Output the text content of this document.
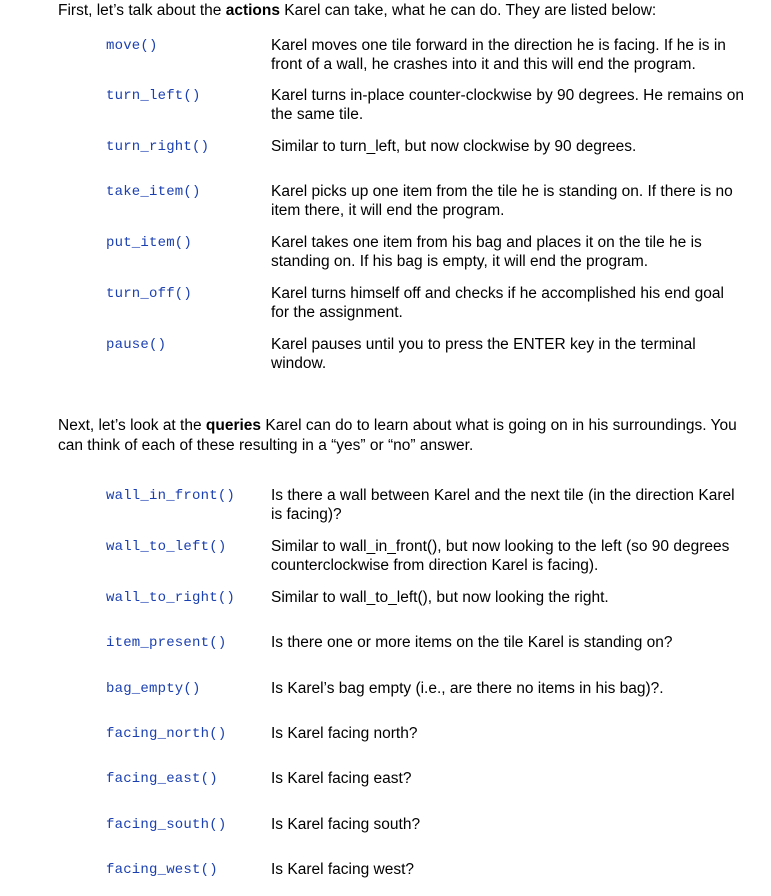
First, let’s talk about the actions Karel can take, what he can do. They are listed below:

move()	Karel moves one tile forward in the direction he is facing. If he is in front of a wall, he crashes into it and this will end the program.
turn_left()	Karel turns in-place counter-clockwise by 90 degrees. He remains on the same tile.
turn_right()	Similar to turn_left, but now clockwise by 90 degrees.
take_item()	Karel picks up one item from the tile he is standing on. If there is no item there, it will end the program.
put_item()	Karel takes one item from his bag and places it on the tile he is standing on. If his bag is empty, it will end the program.
turn_off()	Karel turns himself off and checks if he accomplished his end goal for the assignment.
pause()	Karel pauses until you to press the ENTER key in the terminal window.

Next, let’s look at the queries Karel can do to learn about what is going on in his surroundings. You can think of each of these resulting in a “yes” or “no” answer.

wall_in_front() Is there a wall between Karel and the next tile (in the direction Karel is facing)?
wall_to_left()	Similar to wall_in_front(), but now looking to the left (so 90 degrees counterclockwise from direction Karel is facing).
wall_to_right() Similar to wall_to_left(), but now looking the right.
item_present()	Is there one or more items on the tile Karel is standing on?
bag_empty()	Is Karel’s bag empty (i.e., are there no items in his bag)?.
facing_north()	Is Karel facing north?
facing_east()	Is Karel facing east?
facing_south()	Is Karel facing south?
facing_west()	Is Karel facing west?
